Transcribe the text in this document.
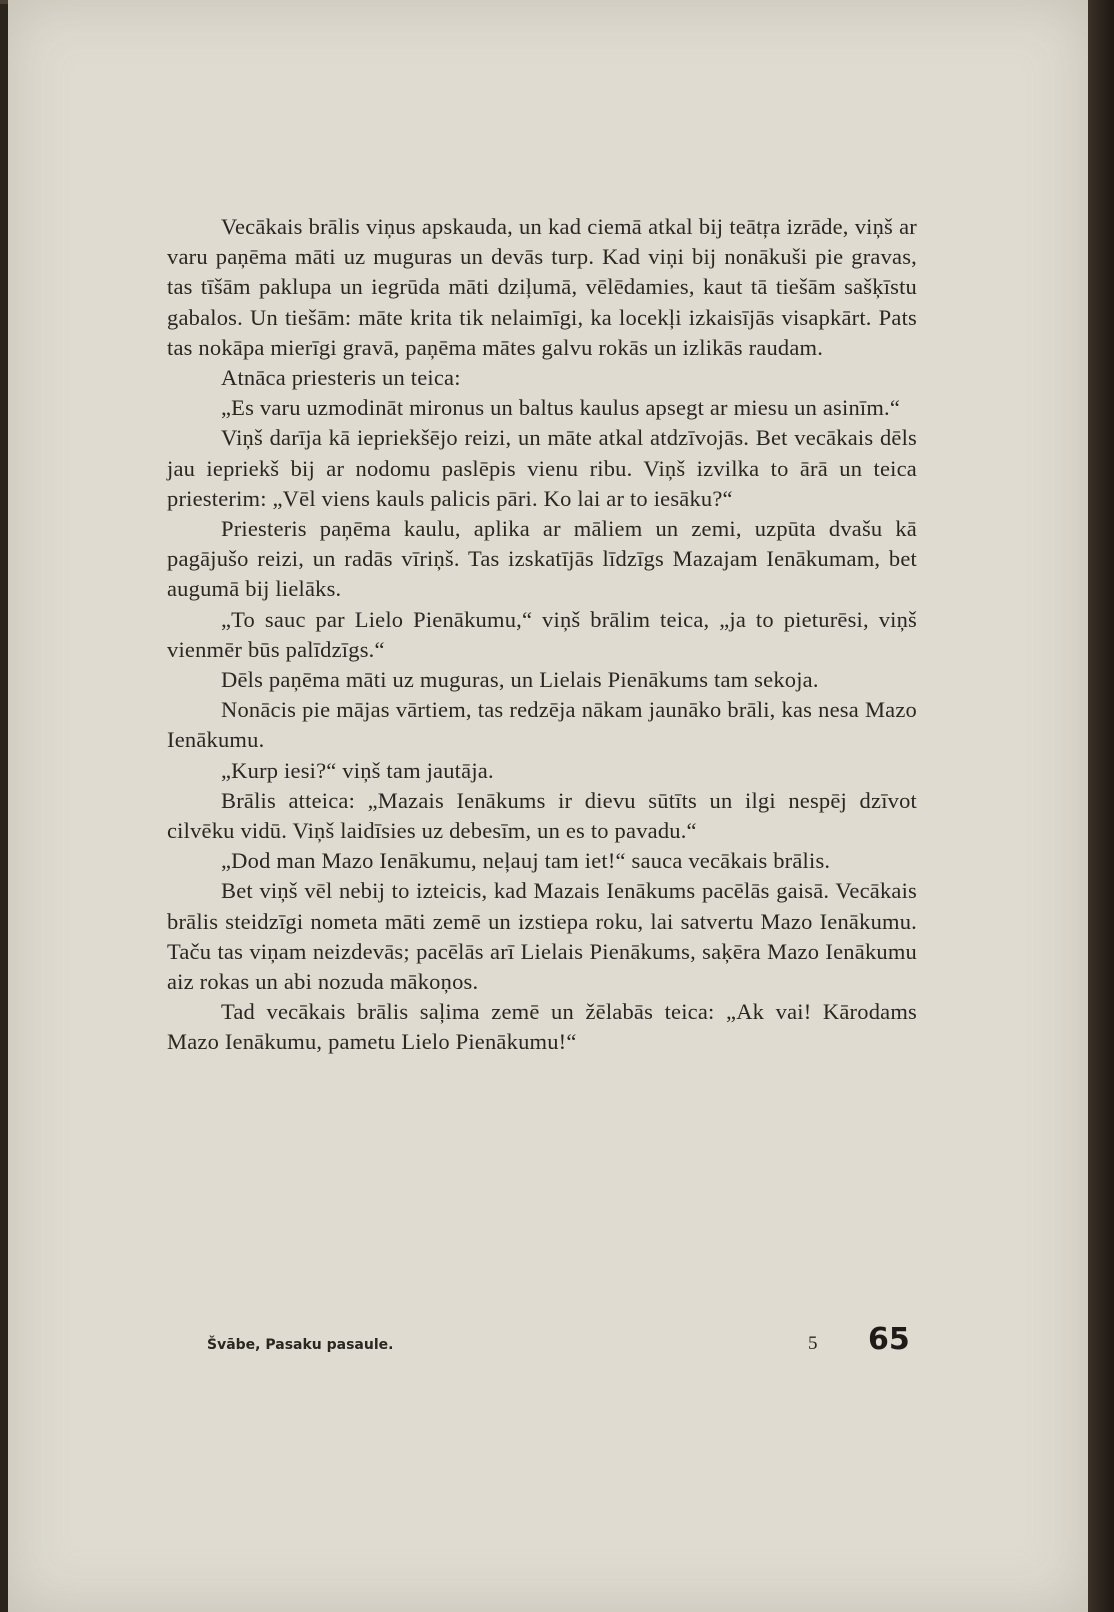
Vecākais brālis viņus apskauda, un kad ciemā atkal bij teātŗa izrāde, viņš ar varu paņēma māti uz muguras un devās turp. Kad viņi bij nonākuši pie gravas, tas tīšām paklupa un iegrūda māti dziļumā, vēlēdamies, kaut tā tiešām sašķīstu gabalos. Un tiešām: māte krita tik nelaimīgi, ka locekļi izkaisījās visapkārt. Pats tas nokāpa mierīgi gravā, paņēma mātes galvu rokās un izlikās raudam.

Atnāca priesteris un teica:

„Es varu uzmodināt mironus un baltus kaulus apsegt ar miesu un asinīm.“

Viņš darīja kā iepriekšējo reizi, un māte atkal atdzīvojās. Bet vecākais dēls jau iepriekš bij ar nodomu paslēpis vienu ribu. Viņš izvilka to ārā un teica priesterim: „Vēl viens kauls palicis pāri. Ko lai ar to iesāku?“

Priesteris paņēma kaulu, aplika ar māliem un zemi, uzpūta dvašu kā pagājušo reizi, un radās vīriņš. Tas izskatījās līdzīgs Mazajam Ienākumam, bet augumā bij lielāks.

„To sauc par Lielo Pienākumu,“ viņš brālim teica, „ja to pieturēsi, viņš vienmēr būs palīdzīgs.“

Dēls paņēma māti uz muguras, un Lielais Pienākums tam sekoja.

Nonācis pie mājas vārtiem, tas redzēja nākam jaunāko brāli, kas nesa Mazo Ienākumu.

„Kurp iesi?“ viņš tam jautāja.

Brālis atteica: „Mazais Ienākums ir dievu sūtīts un ilgi nespēj dzīvot cilvēku vidū. Viņš laidīsies uz debesīm, un es to pavadu.“

„Dod man Mazo Ienākumu, neļauj tam iet!“ sauca vecākais brālis.

Bet viņš vēl nebij to izteicis, kad Mazais Ienākums pacēlās gaisā. Vecākais brālis steidzīgi nometa māti zemē un izstiepa roku, lai satvertu Mazo Ienākumu. Taču tas viņam neizdevās; pacēlās arī Lielais Pienākums, saķēra Mazo Ienākumu aiz rokas un abi nozuda mākoņos.

Tad vecākais brālis saļima zemē un žēlabās teica: „Ak vai! Kārodams Mazo Ienākumu, pametu Lielo Pienākumu!“

Švābe, Pasaku pasaule.	5 65
